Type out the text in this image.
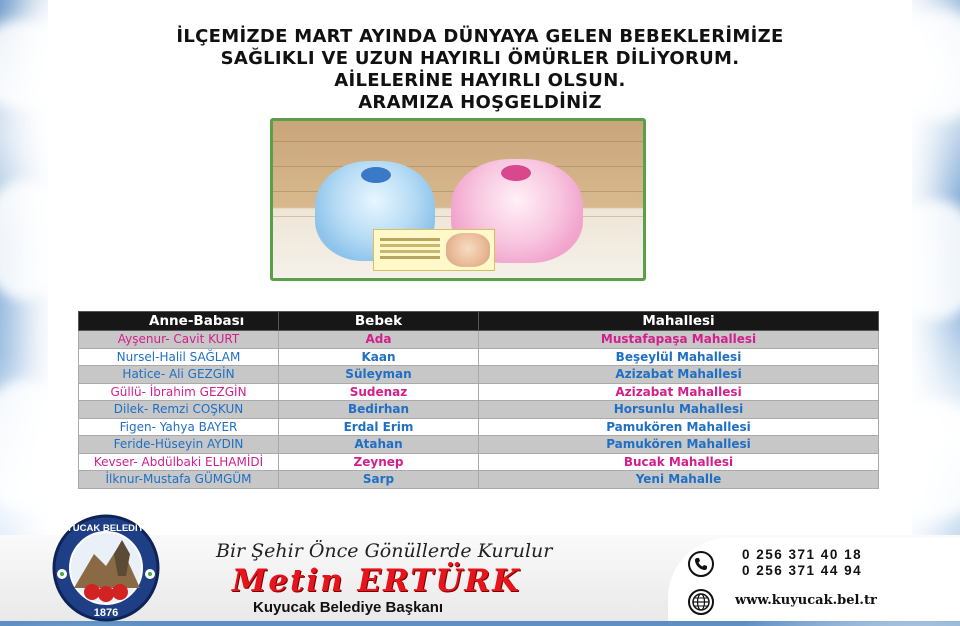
İLÇEMİZDE MART AYINDA DÜNYAYA GELEN BEBEKLERİMİZE
SAĞLIKLI VE UZUN HAYIRLI ÖMÜRLER DİLİYORUM.
AİLELERİNE HAYIRLI OLSUN.
ARAMIZA HOŞGELDİNİZ
Anne-Babası	Bebek	Mahallesi
Ayşenur- Cavit KURT	Ada	Mustafapaşa Mahallesi
Nursel-Halil SAĞLAM	Kaan	Beşeylül Mahallesi
Hatice- Ali GEZGİN	Süleyman	Azizabat Mahallesi
Güllü- İbrahim GEZGİN	Sudenaz	Azizabat Mahallesi
Dilek- Remzi COŞKUN	Bedirhan	Horsunlu Mahallesi
Figen- Yahya BAYER	Erdal Erim	Pamukören Mahallesi
Feride-Hüseyin AYDIN	Atahan	Pamukören Mahallesi
Kevser- Abdülbaki ELHAMİDİ	Zeynep	Bucak Mahallesi
İlknur-Mustafa GÜMGÜM	Sarp	Yeni Mahalle
1876
KUYUCAK BELEDİYESİ
Bir Şehir Önce Gönüllerde Kurulur
Metin ERTÜRK
Kuyucak Belediye Başkanı
0 256 371 40 18
0 256 371 44 94
www.kuyucak.bel.tr
